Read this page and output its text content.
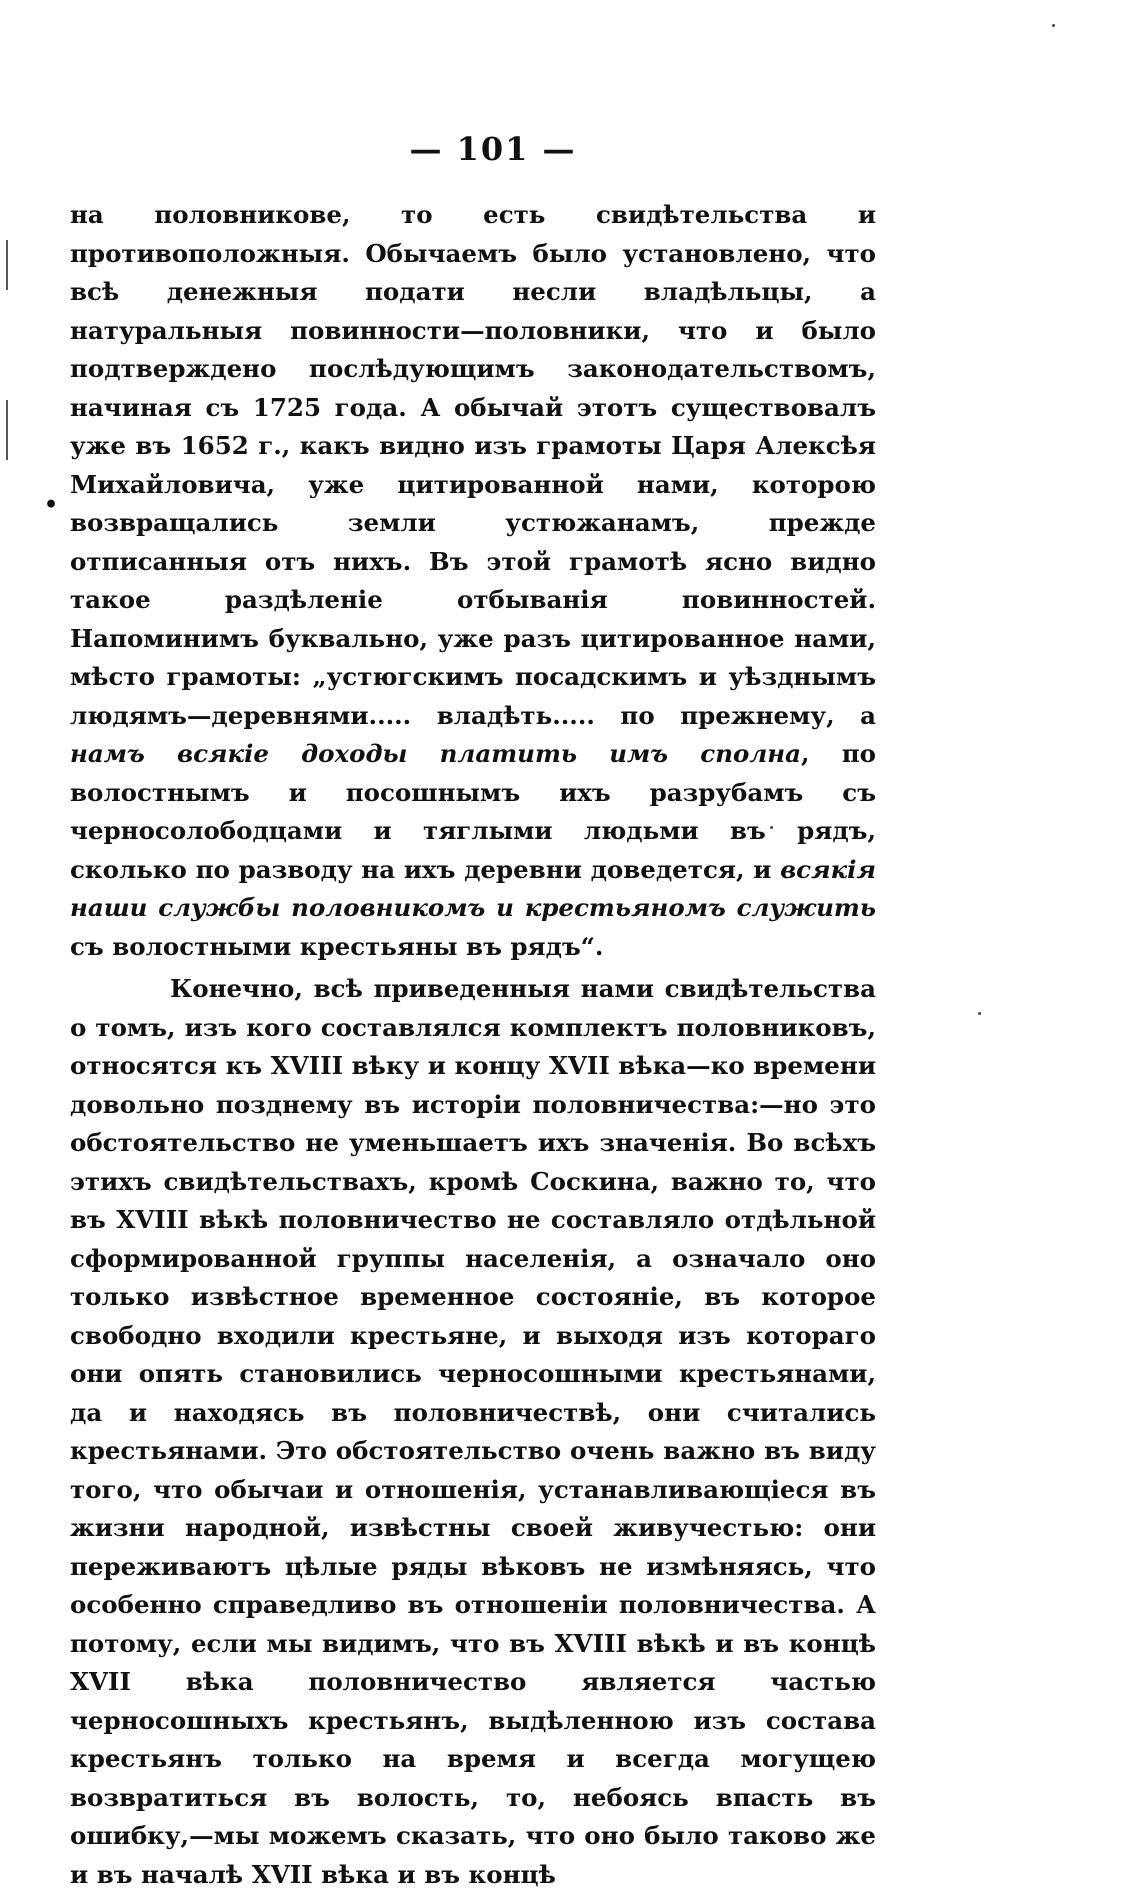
•
— 101 —

на половникове, то есть свидѣтельства и противоположныя. Обычаемъ было установлено, что всѣ денежныя подати несли владѣльцы, а натуральныя повинности—половники, что и было подтверждено послѣдующимъ законодательствомъ, начиная съ 1725 года. А обычай этотъ существовалъ уже въ 1652 г., какъ видно изъ грамоты Царя Алексѣя Михайловича, уже цитированной нами, которою возвращались земли устюжанамъ, прежде отписанныя отъ нихъ. Въ этой грамотѣ ясно видно такое раздѣленіе отбыванія повинностей. Напоминимъ буквально, уже разъ цитированное нами, мѣсто грамоты: „устюгскимъ посадскимъ и уѣзднымъ людямъ—деревнями..... владѣть..... по прежнему, а намъ всякіе доходы платить имъ сполна, по волостнымъ и посошнымъ ихъ разрубамъ съ черносолободцами и тяглыми людьми въ рядъ, сколько по разводу на ихъ деревни доведется, и всякія наши службы половникомъ и крестьяномъ служить съ волостными крестьяны въ рядъ“.

Конечно, всѣ приведенныя нами свидѣтельства о томъ, изъ кого составлялся комплектъ половниковъ, относятся къ XVIII вѣку и концу XVII вѣка—ко времени довольно позднему въ исторіи половничества:—но это обстоятельство не уменьшаетъ ихъ значенія. Во всѣхъ этихъ свидѣтельствахъ, кромѣ Соскина, важно то, что въ XVIII вѣкѣ половничество не составляло отдѣльной сформированной группы населенія, а означало оно только извѣстное временное состояніе, въ которое свободно входили крестьяне, и выходя изъ котораго они опять становились черносошными крестьянами, да и находясь въ половничествѣ, они считались крестьянами. Это обстоятельство очень важно въ виду того, что обычаи и отношенія, устанавливающіеся въ жизни народной, извѣстны своей живучестью: они переживаютъ цѣлые ряды вѣковъ не измѣняясь, что особенно справедливо въ отношеніи половничества. А потому, если мы видимъ, что въ XVIII вѣкѣ и въ концѣ XVII вѣка половничество является частью черносошныхъ крестьянъ, выдѣленною изъ состава крестьянъ только на время и всегда могущею возвратиться въ волость, то, небоясь впасть въ ошибку,—мы можемъ сказать, что оно было таково же и въ началѣ XVII вѣка и въ концѣ
